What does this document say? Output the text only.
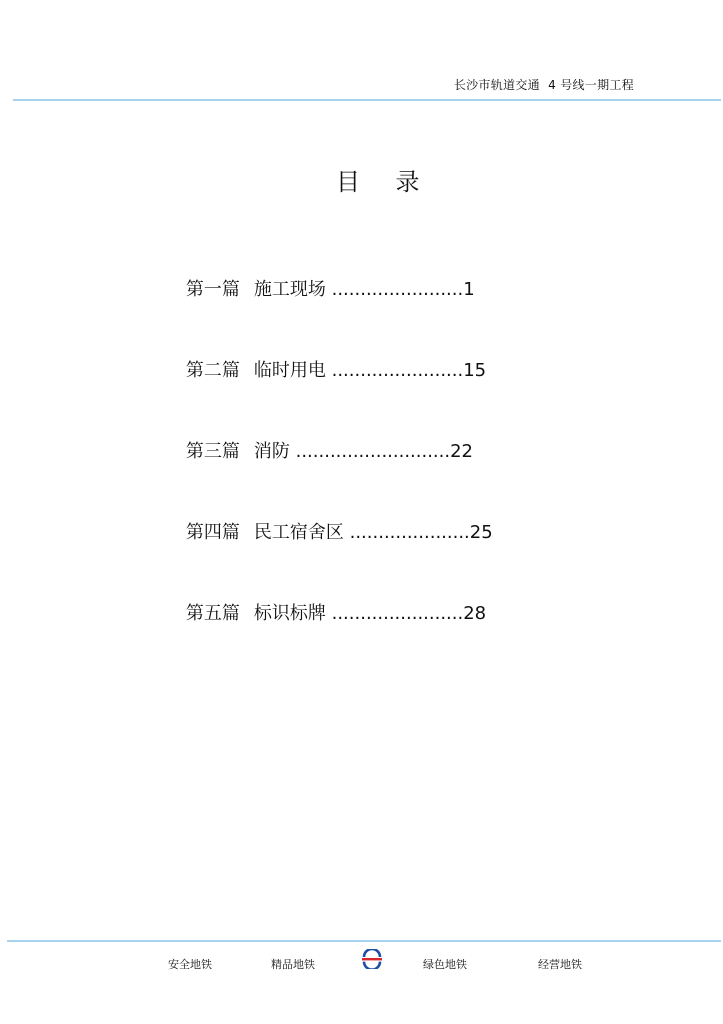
长沙市轨道交通  4 号线一期工程
目    录

第一篇 施工现场 .......................1

第二篇 临时用电 .......................15

第三篇 消防 ...........................22

第四篇 民工宿舍区 .....................25

第五篇 标识标牌 .......................28

安全地铁	精品地铁	绿色地铁	经营地铁
